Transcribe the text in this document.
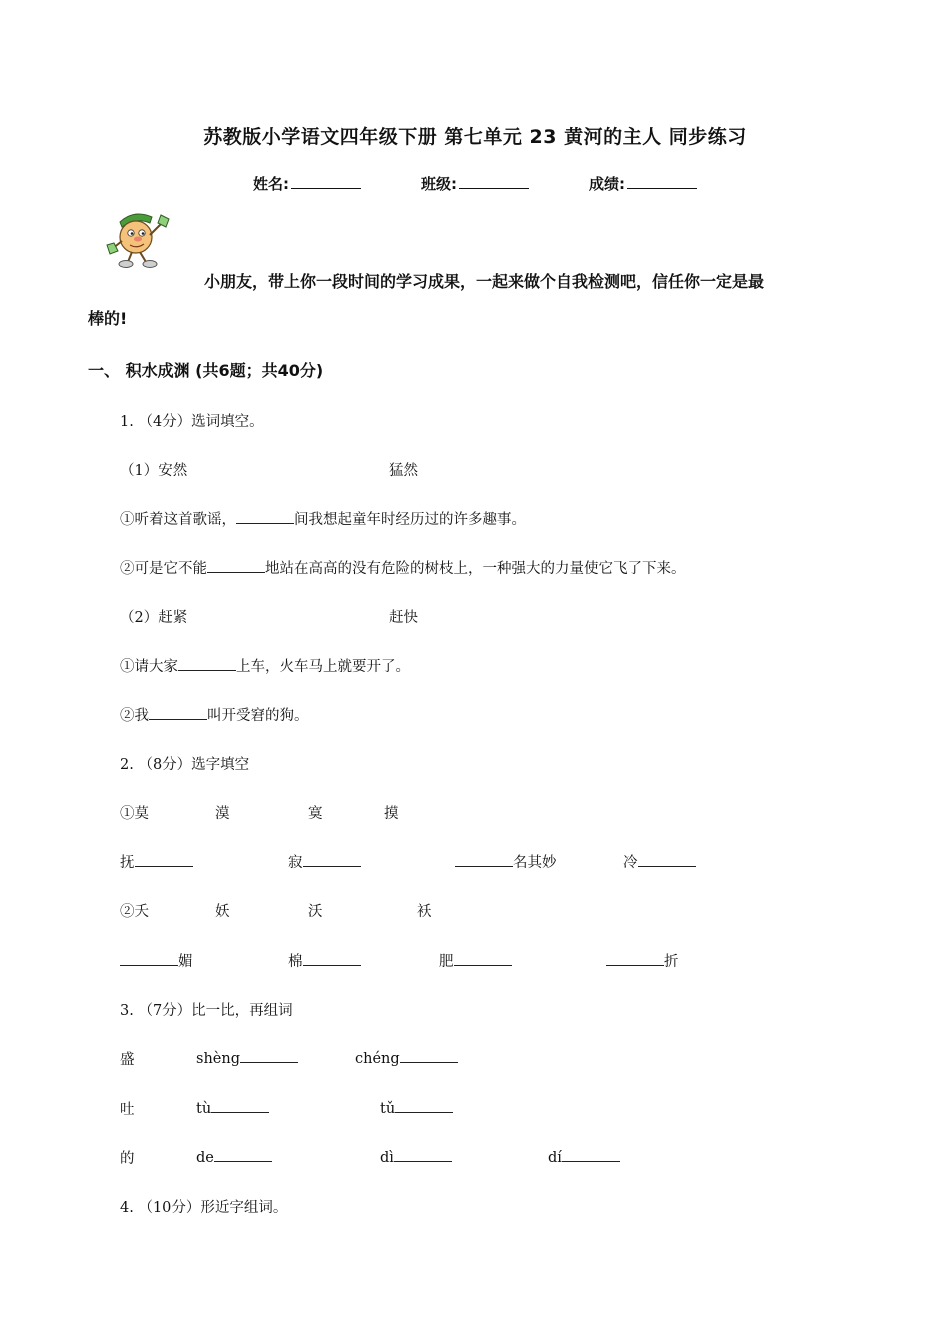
苏教版小学语文四年级下册 第七单元 23 黄河的主人 同步练习
姓名:	班级:	成绩:
小朋友，带上你一段时间的学习成果，一起来做个自我检测吧，信任你一定是最
棒的!
一、 积水成渊 (共6题；共40分)
1. （4分）选词填空。
（1）安然	猛然
①听着这首歌谣，	间我想起童年时经历过的许多趣事。
②可是它不能	地站在高高的没有危险的树枝上，一种强大的力量使它飞了下来。
（2）赶紧	赶快
①请大家	上车，火车马上就要开了。
②我	叫开受窘的狗。
2. （8分）选字填空
①莫	漠	寞	摸
抚	寂	名其妙	冷
②夭	妖	沃	袄
媚	棉	肥	折
3. （7分）比一比，再组词
盛	shèng	chéng
吐	tù	tǔ
的	de	dì	dí
4. （10分）形近字组词。
